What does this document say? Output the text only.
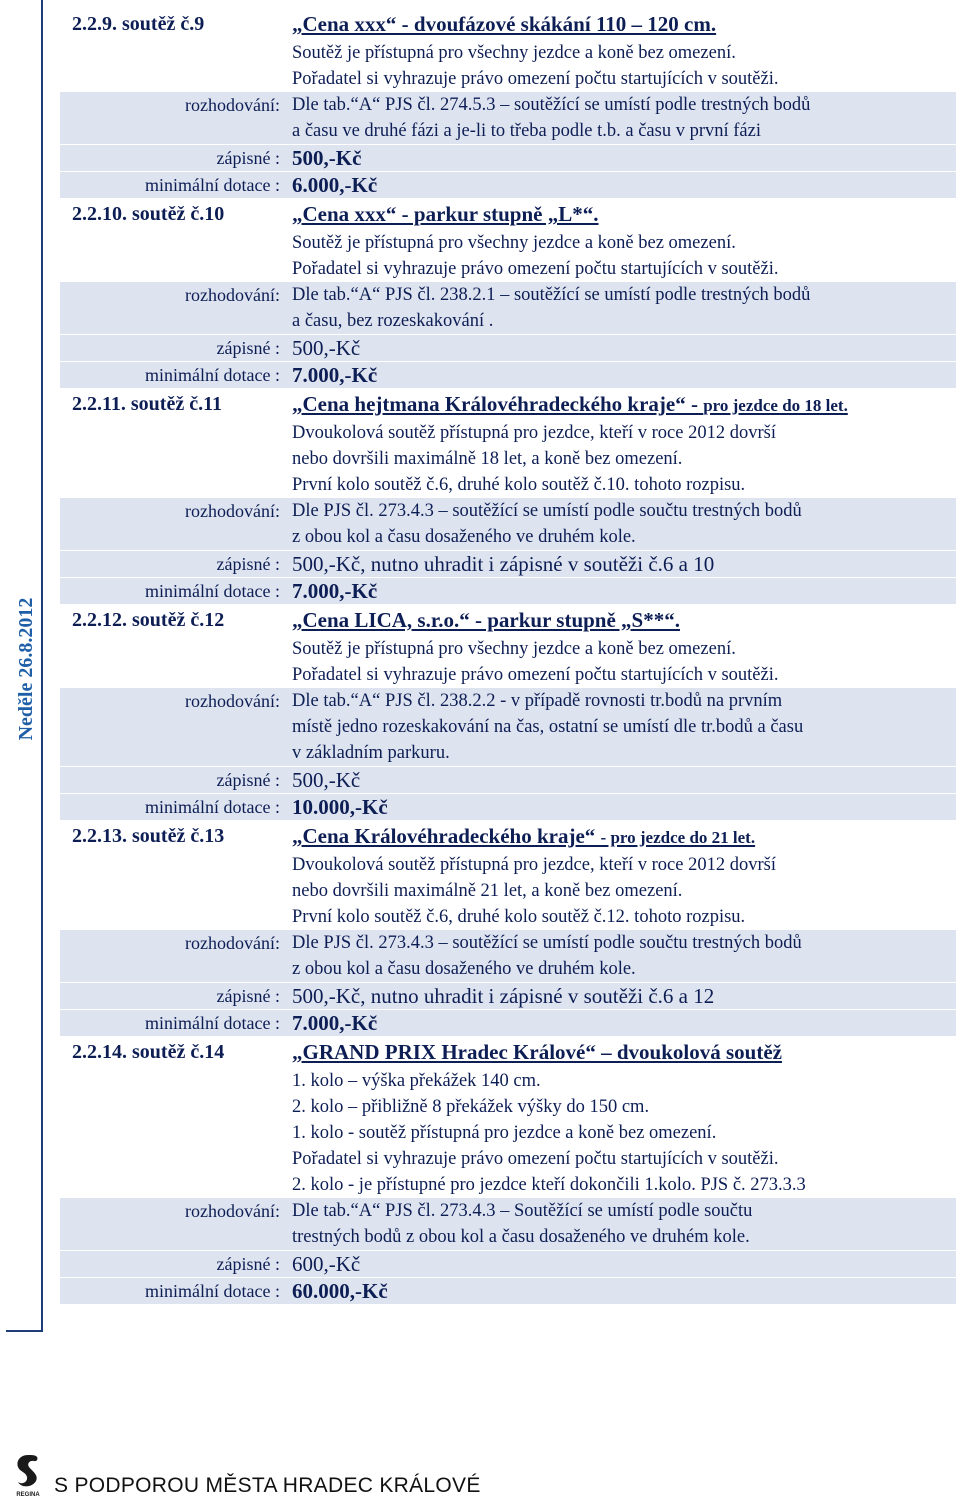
Neděle 26.8.2012
2.2.9. soutěž č.9	„Cena xxx“ - dvoufázové skákání 110 – 120 cm.
Soutěž je přístupná pro všechny jezdce a koně bez omezení.
Pořadatel si vyhrazuje právo omezení počtu startujících v soutěži.
rozhodování: Dle tab.“A“ PJS čl. 274.5.3 – soutěžící se umístí podle trestných bodů
a času ve druhé fázi a je-li to třeba podle t.b. a času v první fázi
zápisné : 500,-Kč
minimální dotace : 6.000,-Kč
2.2.10. soutěž č.10	„Cena xxx“ - parkur stupně „L*“.
Soutěž je přístupná pro všechny jezdce a koně bez omezení.
Pořadatel si vyhrazuje právo omezení počtu startujících v soutěži.
rozhodování: Dle tab.“A“ PJS čl. 238.2.1 – soutěžící se umístí podle trestných bodů
a času, bez rozeskakování .
zápisné : 500,-Kč
minimální dotace : 7.000,-Kč
2.2.11. soutěž č.11	„Cena hejtmana Královéhradeckého kraje“ - pro jezdce do 18 let.
Dvoukolová soutěž přístupná pro jezdce, kteří v roce 2012 dovrší
nebo dovršili maximálně 18 let, a koně bez omezení.
První kolo soutěž č.6, druhé kolo soutěž č.10. tohoto rozpisu.
rozhodování: Dle PJS čl. 273.4.3 – soutěžící se umístí podle součtu trestných bodů
z obou kol a času dosaženého ve druhém kole.
zápisné : 500,-Kč, nutno uhradit i zápisné v soutěži č.6 a 10
minimální dotace : 7.000,-Kč
2.2.12. soutěž č.12	„Cena LICA, s.r.o.“ - parkur stupně „S**“.
Soutěž je přístupná pro všechny jezdce a koně bez omezení.
Pořadatel si vyhrazuje právo omezení počtu startujících v soutěži.
rozhodování: Dle tab.“A“ PJS čl. 238.2.2 - v případě rovnosti tr.bodů na prvním
místě jedno rozeskakování na čas, ostatní se umístí dle tr.bodů a času
v základním parkuru.
zápisné : 500,-Kč
minimální dotace : 10.000,-Kč
2.2.13. soutěž č.13	„Cena Královéhradeckého kraje“ - pro jezdce do 21 let.
Dvoukolová soutěž přístupná pro jezdce, kteří v roce 2012 dovrší
nebo dovršili maximálně 21 let, a koně bez omezení.
První kolo soutěž č.6, druhé kolo soutěž č.12. tohoto rozpisu.
rozhodování: Dle PJS čl. 273.4.3 – soutěžící se umístí podle součtu trestných bodů
z obou kol a času dosaženého ve druhém kole.
zápisné : 500,-Kč, nutno uhradit i zápisné v soutěži č.6 a 12
minimální dotace : 7.000,-Kč
2.2.14. soutěž č.14	„GRAND PRIX Hradec Králové“ – dvoukolová soutěž
1. kolo – výška překážek 140 cm.
2. kolo – přibližně 8 překážek výšky do 150 cm.
1. kolo - soutěž přístupná pro jezdce a koně bez omezení.
Pořadatel si vyhrazuje právo omezení počtu startujících v soutěži.
2. kolo - je přístupné pro jezdce kteří dokončili 1.kolo. PJS č. 273.3.3
rozhodování: Dle tab.“A“ PJS čl. 273.4.3 – Soutěžící se umístí podle součtu
trestných bodů z obou kol a času dosaženého ve druhém kole.
zápisné : 600,-Kč
minimální dotace : 60.000,-Kč
REGINA S PODPOROU MĚSTA HRADEC KRÁLOVÉ
